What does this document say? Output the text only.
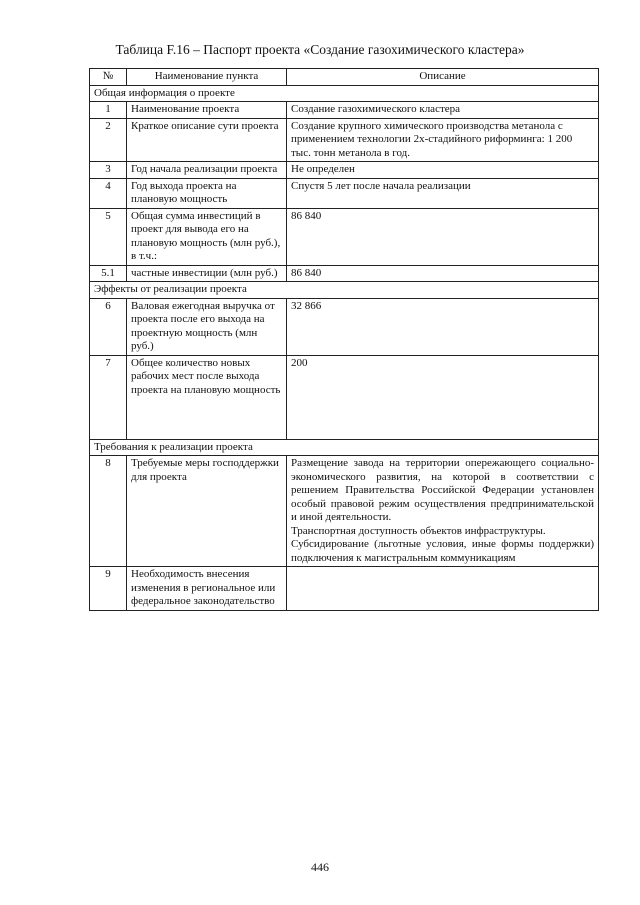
Таблица F.16 – Паспорт проекта «Создание газохимического кластера»
№	Наименование пункта	Описание
Общая информация о проекте		
1	Наименование проекта	Создание газохимического кластера
2	Краткое описание сути проекта	Создание крупного химического производства метанола с применением технологии 2х-стадийного риформинга: 1 200 тыс. тонн метанола в год.
3	Год начала реализации проекта	Не определен
4	Год выхода проекта на плановую мощность	Спустя 5 лет после начала реализации
5	Общая сумма инвестиций в проект для вывода его на плановую мощность (млн руб.), в т.ч.:	86 840
5.1	частные инвестиции (млн руб.)	86 840
Эффекты от реализации проекта		
6	Валовая ежегодная выручка от проекта после его выхода на проектную мощность (млн руб.)	32 866
7	Общее количество новых рабочих мест после выхода проекта на плановую мощность	200
Требования к реализации проекта		
8	Требуемые меры господдержки для проекта	Размещение завода на территории опережающего социально-экономического развития, на которой в соответствии с решением Правительства Российской Федерации установлен особый правовой режим осуществления предпринимательской и иной деятельности.
Транспортная доступность объектов инфраструктуры.
Субсидирование (льготные условия, иные формы поддержки) подключения к магистральным коммуникациям

9	Необходимость внесения изменения в региональное или федеральное законодательство	
446
